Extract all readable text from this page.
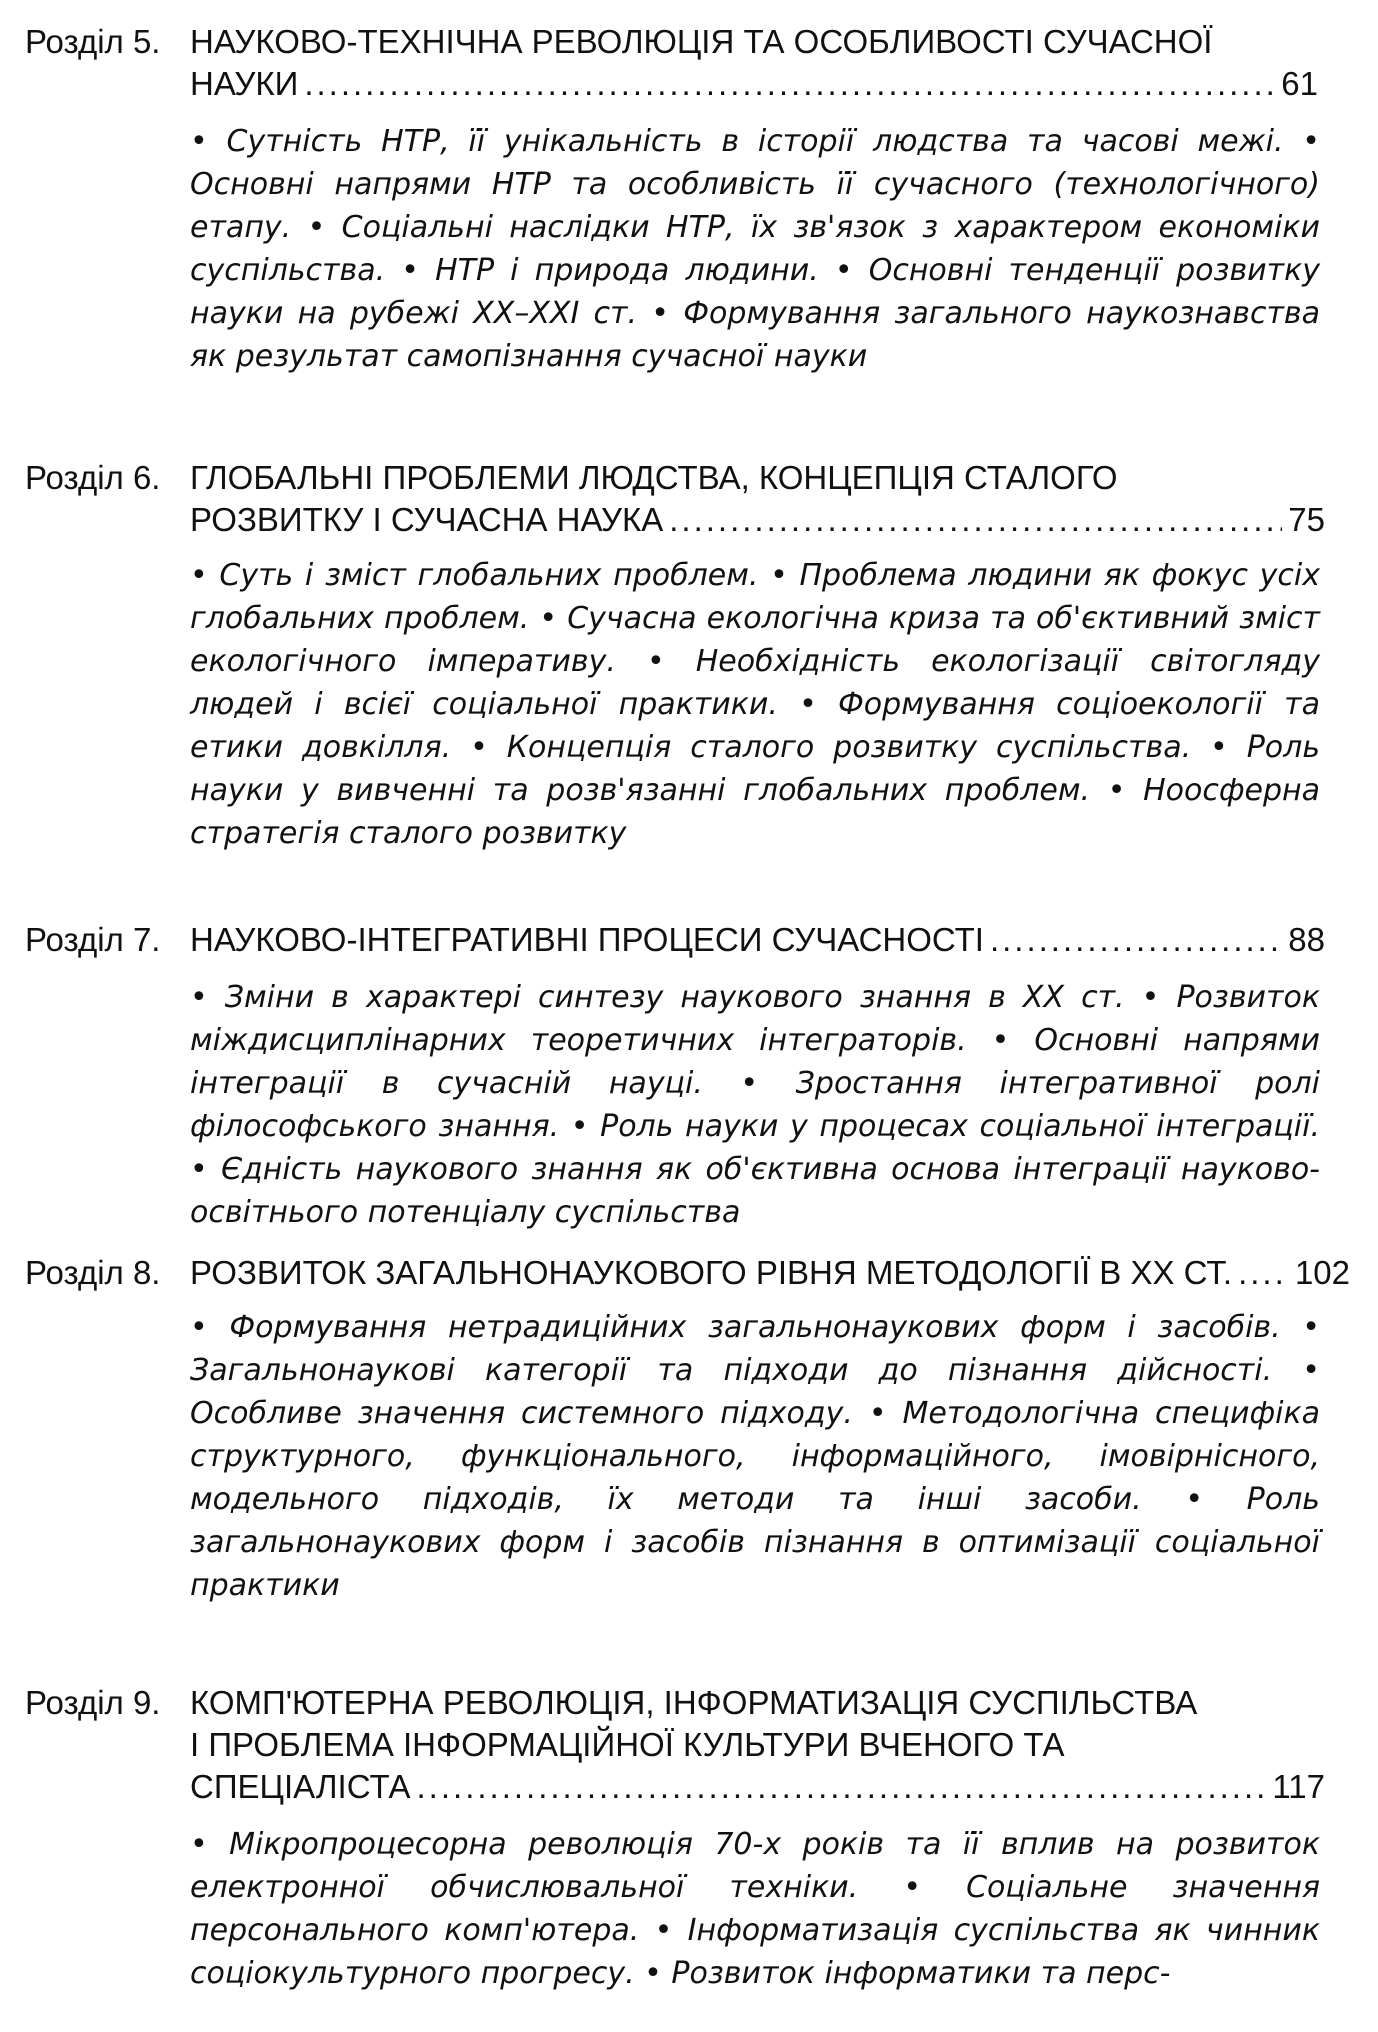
Розділ 5. НАУКОВО-ТЕХНІЧНА РЕВОЛЮЦІЯ ТА ОСОБЛИВОСТІ СУЧАСНОЇ
НАУКИ .....	61

• Сутність НТР, її унікальність в історії людства та часові межі. • Основні напрями НТР та особливість її сучасного (технологічного) етапу. • Соціальні наслідки НТР, їх зв'язок з характером економіки суспільства. • НТР і природа людини. • Основні тенденції розвитку науки на рубежі XX–XXI ст. • Формування загального наукознавства як результат самопізнання сучасної науки

Розділ 6. ГЛОБАЛЬНІ ПРОБЛЕМИ ЛЮДСТВА, КОНЦЕПЦІЯ СТАЛОГО
РОЗВИТКУ І СУЧАСНА НАУКА .....	75

• Суть і зміст глобальних проблем. • Проблема людини як фокус усіх глобальних проблем. • Сучасна екологічна криза та об'єктивний зміст екологічного імперативу. • Необхідність екологізації світогляду людей і всієї соціальної практики. • Формування соціоекології та етики довкілля. • Концепція сталого розвитку суспільства. • Роль науки у вивченні та розв'язанні глобальних проблем. • Ноосферна стратегія сталого розвитку

Розділ 7. НАУКОВО-ІНТЕГРАТИВНІ ПРОЦЕСИ СУЧАСНОСТІ .....	88

• Зміни в характері синтезу наукового знання в XX ст. • Розвиток міждисциплінарних теоретичних інтеграторів. • Основні напрями інтеграції в сучасній науці. • Зростання інтегративної ролі філософського знання. • Роль науки у процесах соціальної інтеграції. • Єдність наукового знання як об'єктивна основа інтеграції науково-освітнього потенціалу суспільства

Розділ 8. РОЗВИТОК ЗАГАЛЬНОНАУКОВОГО РІВНЯ МЕТОДОЛОГІЇ В XX СТ. ..... 102

• Формування нетрадиційних загальнонаукових форм і засобів. • Загальнонаукові категорії та підходи до пізнання дійсності. • Особливе значення системного підходу. • Методологічна специфіка структурного, функціонального, інформаційного, імовірнісного, модельного підходів, їх методи та інші засоби. • Роль загальнонаукових форм і засобів пізнання в оптимізації соціальної практики

Розділ 9. КОМП'ЮТЕРНА РЕВОЛЮЦІЯ, ІНФОРМАТИЗАЦІЯ СУСПІЛЬСТВА
І ПРОБЛЕМА ІНФОРМАЦІЙНОЇ КУЛЬТУРИ ВЧЕНОГО ТА
СПЕЦІАЛІСТА .....	117

• Мікропроцесорна революція 70-х років та її вплив на розвиток електронної обчислювальної техніки. • Соціальне значення персонального комп'ютера. • Інформатизація суспільства як чинник соціокультурного прогресу. • Розвиток інформатики та перс-
